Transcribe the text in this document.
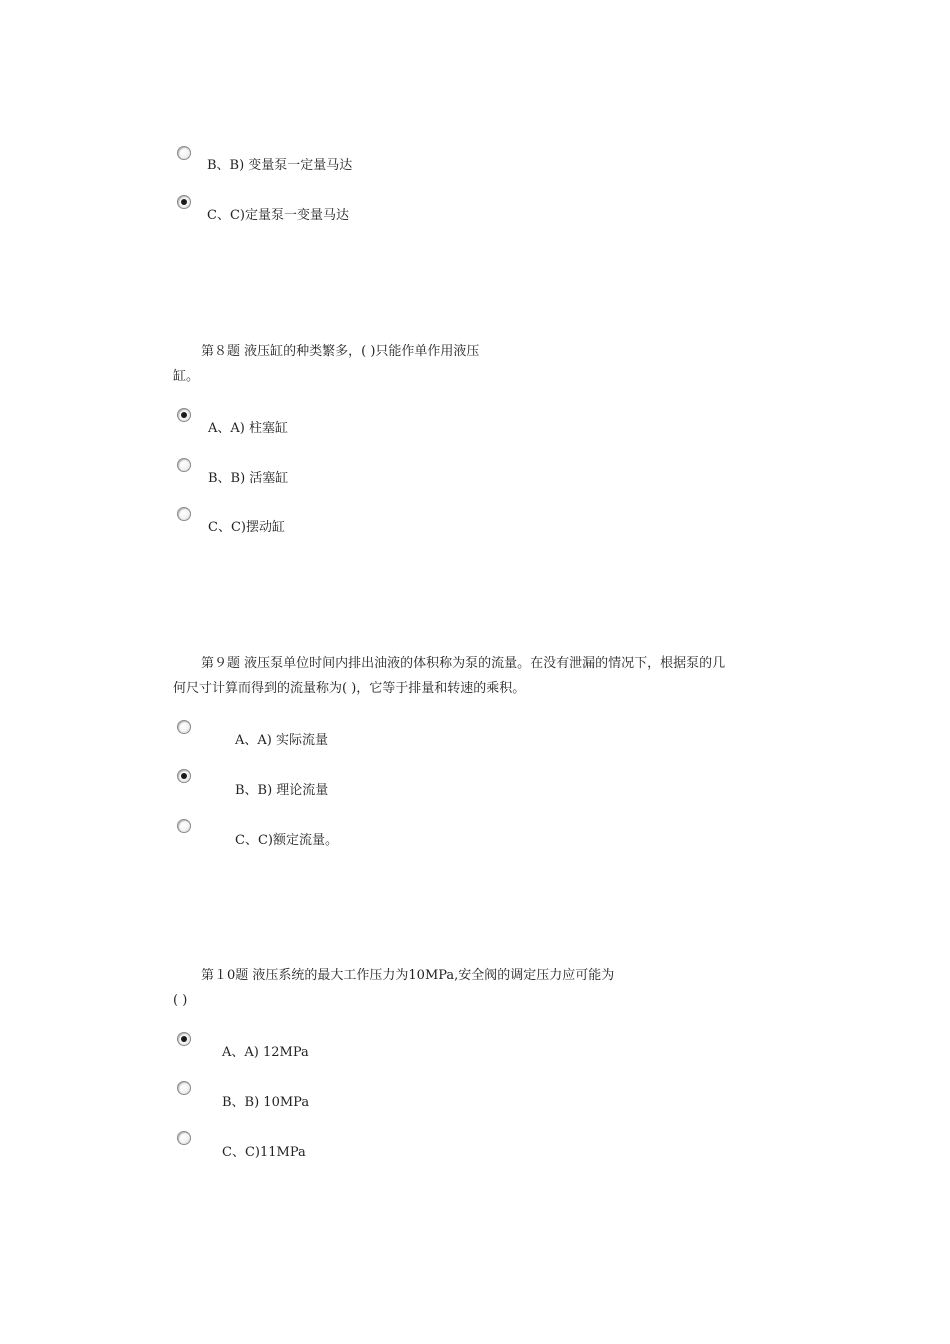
B、B) 变量泵一定量马达
C、C)定量泵一变量马达
第８题 液压缸的种类繁多，( )只能作单作用液压
缸。
A、A) 柱塞缸
B、B) 活塞缸
C、C)摆动缸
第９题 液压泵单位时间内排出油液的体积称为泵的流量。在没有泄漏的情况下，根据泵的几
何尺寸计算而得到的流量称为( )，它等于排量和转速的乘积。
A、A) 实际流量
B、B) 理论流量
C、C)额定流量。
第１0题 液压系统的最大工作压力为10MPa,安全阀的调定压力应可能为
( )
A、A) 12MPa
B、B) 10MPa
C、C)11MPa
